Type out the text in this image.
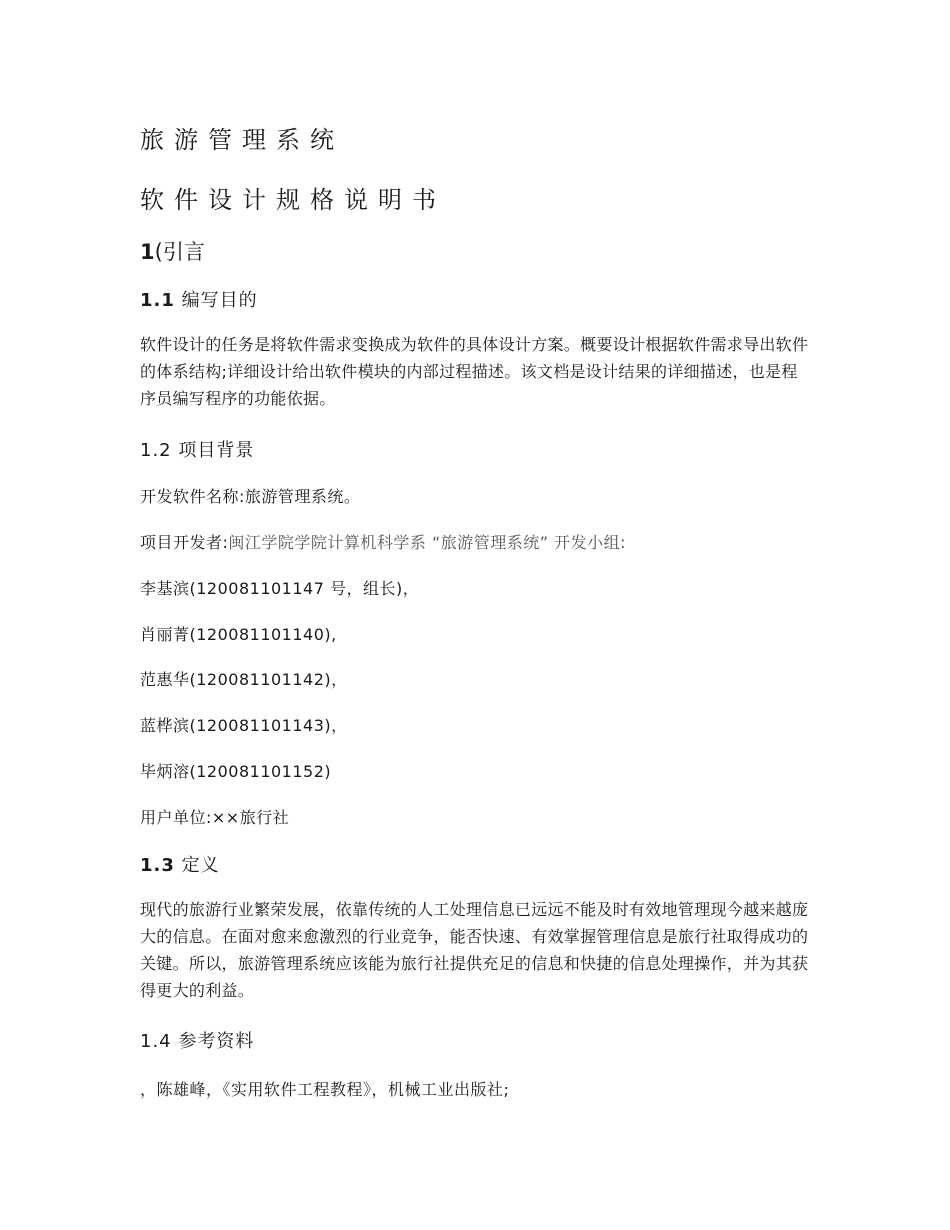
旅游管理系统
软件设计规格说明书
1(引言
1.1 编写目的
软件设计的任务是将软件需求变换成为软件的具体设计方案。概要设计根据软件需求导出软件的体系结构;详细设计给出软件模块的内部过程描述。该文档是设计结果的详细描述，也是程序员编写程序的功能依据。
1.2 项目背景
开发软件名称:旅游管理系统。
项目开发者:闽江学院学院计算机科学系 “旅游管理系统” 开发小组:
李基滨(120081101147 号，组长)，
肖丽菁(120081101140),
范惠华(120081101142)，
蓝桦滨(120081101143)，
毕炳溶(120081101152)
用户单位:××旅行社
1.3 定义
现代的旅游行业繁荣发展，依靠传统的人工处理信息已远远不能及时有效地管理现今越来越庞大的信息。在面对愈来愈激烈的行业竞争，能否快速、有效掌握管理信息是旅行社取得成功的关键。所以，旅游管理系统应该能为旅行社提供充足的信息和快捷的信息处理操作，并为其获得更大的利益。
1.4 参考资料
，陈雄峰，《实用软件工程教程》，机械工业出版社;
